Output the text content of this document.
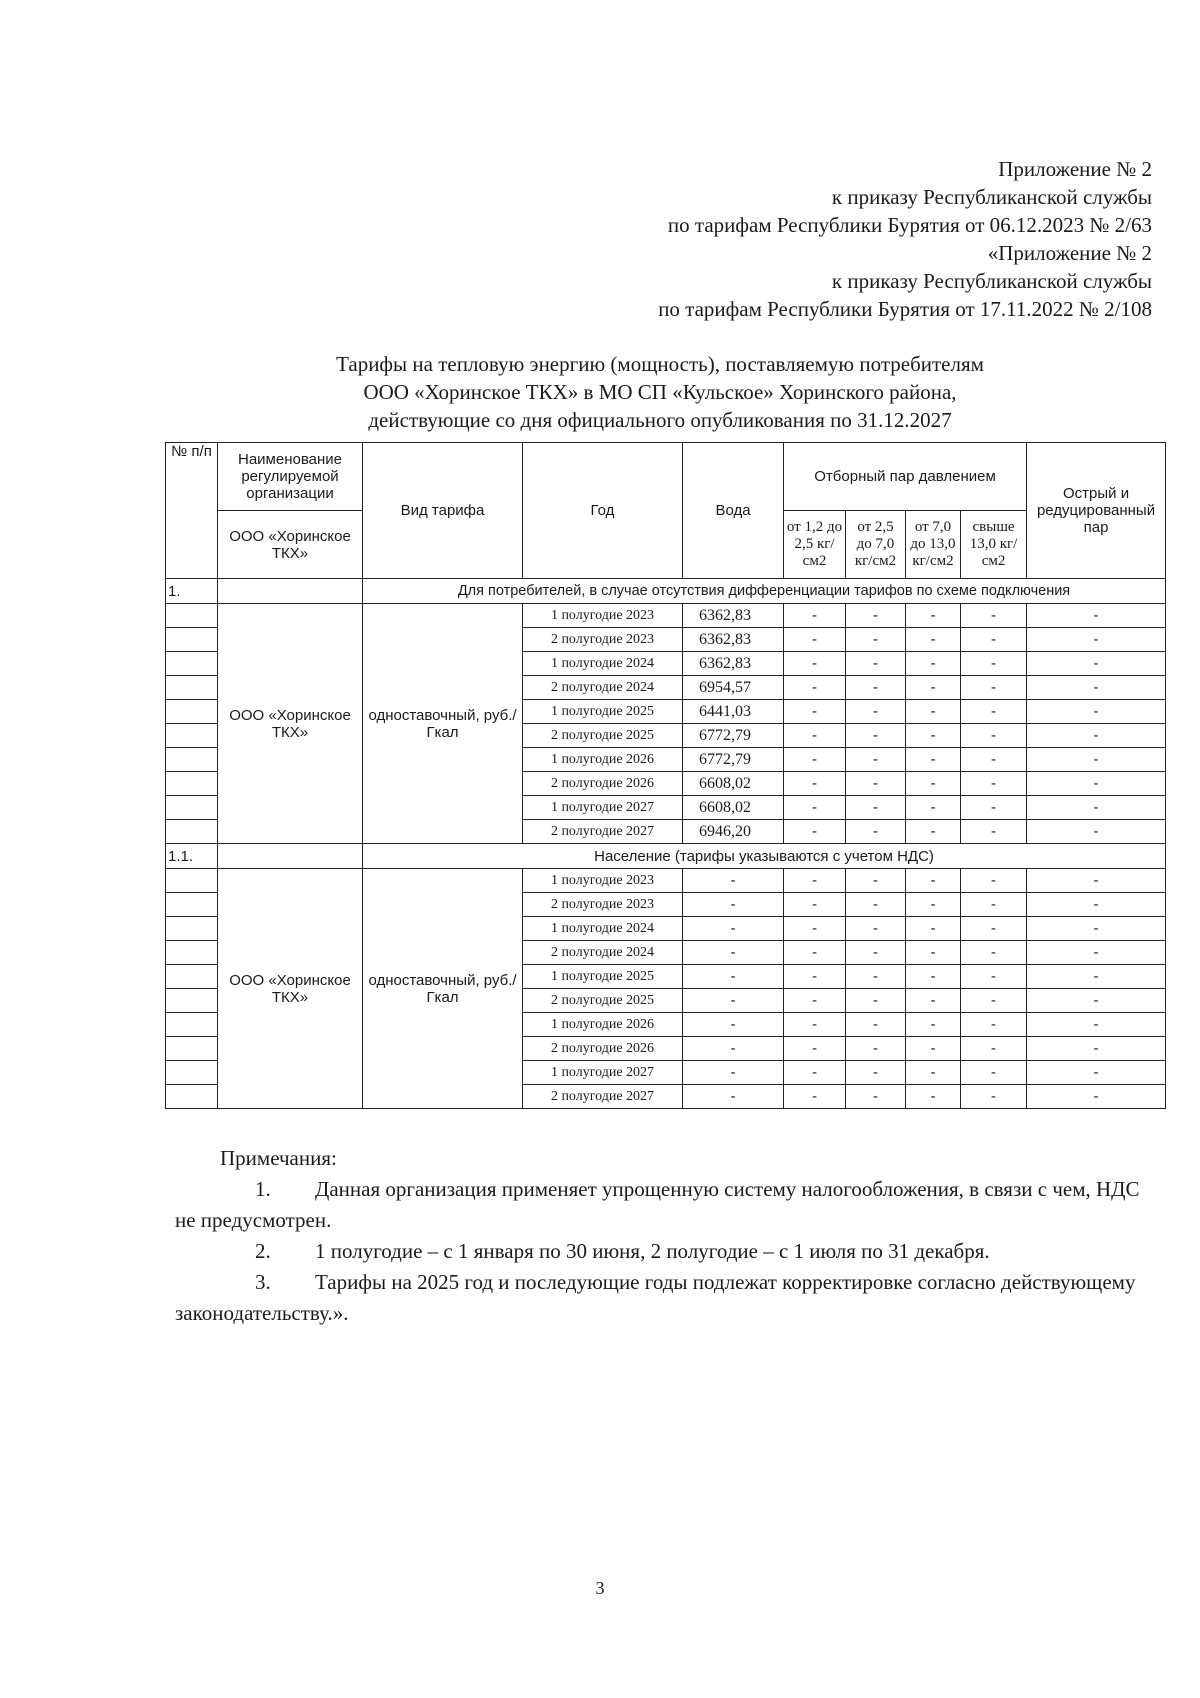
Приложение № 2
к приказу Республиканской службы
по тарифам Республики Бурятия от 06.12.2023 № 2/63
«Приложение № 2
к приказу Республиканской службы
по тарифам Республики Бурятия от 17.11.2022 № 2/108
Тарифы на тепловую энергию (мощность), поставляемую потребителям
ООО «Хоринское ТКХ» в МО СП «Кульское» Хоринского района,
действующие со дня официального опубликования по 31.12.2027
№ п/п	Наименование регулируемой организации	Вид тарифа	Год	Вода	Отборный пар давлением				Острый и редуцированный пар
	ООО «Хоринское ТКХ»				от 1,2 до 2,5 кг/см2	от 2,5 до 7,0 кг/см2	от 7,0 до 13,0 кг/см2	свыше 13,0 кг/см2	
1.		Для потребителей, в случае отсутствия дифференциации тарифов по схеме подключения							
	ООО «Хоринское ТКХ»	одноставочный, руб./Гкал	1 полугодие 2023	6362,83	-	-	-	-	-
			2 полугодие 2023	6362,83	-	-	-	-	-
			1 полугодие 2024	6362,83	-	-	-	-	-
			2 полугодие 2024	6954,57	-	-	-	-	-
			1 полугодие 2025	6441,03	-	-	-	-	-
			2 полугодие 2025	6772,79	-	-	-	-	-
			1 полугодие 2026	6772,79	-	-	-	-	-
			2 полугодие 2026	6608,02	-	-	-	-	-
			1 полугодие 2027	6608,02	-	-	-	-	-
			2 полугодие 2027	6946,20	-	-	-	-	-
1.1.		Население (тарифы указываются с учетом НДС)							
	ООО «Хоринское ТКХ»	одноставочный, руб./Гкал	1 полугодие 2023	-	-	-	-	-	-
			2 полугодие 2023	-	-	-	-	-	-
			1 полугодие 2024	-	-	-	-	-	-
			2 полугодие 2024	-	-	-	-	-	-
			1 полугодие 2025	-	-	-	-	-	-
			2 полугодие 2025	-	-	-	-	-	-
			1 полугодие 2026	-	-	-	-	-	-
			2 полугодие 2026	-	-	-	-	-	-
			1 полугодие 2027	-	-	-	-	-	-
			2 полугодие 2027	-	-	-	-	-	-
Примечания:
1. Данная организация применяет упрощенную систему налогообложения, в связи с чем, НДС не предусмотрен.
2. 1 полугодие – с 1 января по 30 июня, 2 полугодие – с 1 июля по 31 декабря.
3. Тарифы на 2025 год и последующие годы подлежат корректировке согласно действующему законодательству.».
3
